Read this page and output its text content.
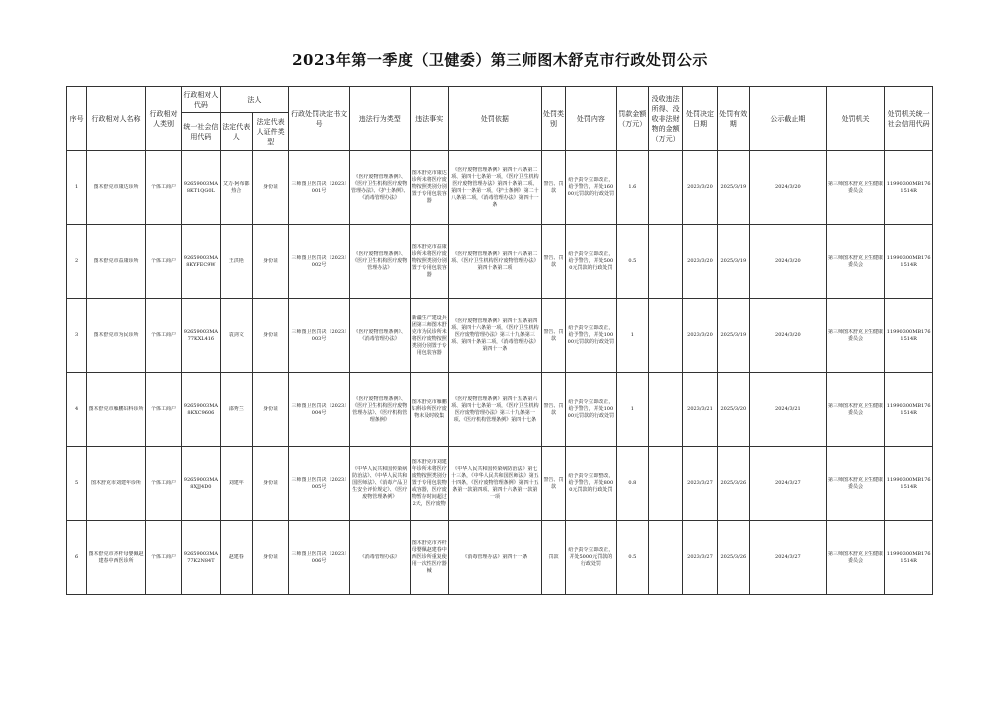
2023年第一季度（卫健委）第三师图木舒克市行政处罚公示
序号	行政相对人名称	行政相对人类别	行政相对人代码	法人		行政处罚决定书文号	违法行为类型	违法事实	处罚依据	处罚类别	处罚内容	罚款金额（万元）	没收违法所得、没收非法财物的金额（万元）	处罚决定日期	处罚有效期	公示截止期	处罚机关	处罚机关统一社会信用代码
			统一社会信用代码	法定代表人	法定代表人证件类型													

1	图木舒克市康达诊所	个体工商户	92659003MA8KT1QG0L	艾力·阿布都热合	身份证	三师图卫医罚决〔2023〕001号	《医疗废物管理条例》、《医疗卫生机构医疗废物管理办法》、《护士条例》、《消毒管理办法》	图木舒克市康达诊所未将医疗废物按照类别分别置于专用包装容器	《医疗废物管理条例》第四十六条第二项、第四十七条第一项，《医疗卫生机构医疗废物管理办法》第四十条第二项、第四十一条第一项，《护士条例》第二十八条第二项，《消毒管理办法》第四十一条	警告、罚款	给予责令立即改正，给予警告，并处16000元罚款的行政处罚	1.6		2023/3/20	2025/3/19	2024/3/20	第三师图木舒克卫生健康委员会	11990300MB1761514R

2	图木舒克市益康诊所	个体工商户	92659003MA8KYFEC9W	王洪艳	身份证	三师图卫医罚决〔2023〕002号	《医疗废物管理条例》、《医疗卫生机构医疗废物管理办法》	图木舒克市益康诊所未将医疗废物按照类别分别置于专用包装容器	《医疗废物管理条例》第四十六条第二项、《医疗卫生机构医疗废物管理办法》第四十条第二项	警告、罚款	给予责令立即改正，给予警告，并处5000元罚款的行政处罚	0.5		2023/3/20	2025/3/19	2024/3/20	第三师图木舒克卫生健康委员会	11990300MB1761514R

3	图木舒克市为民诊所	个体工商户	92659003MA77KXL416	袁剑文	身份证	三师图卫医罚决〔2023〕003号	《医疗废物管理条例》、《消毒管理办法》	新疆生产建设兵团第三师图木舒克市为民诊所未将医疗废物按照类别分别置于专用包装容器	《医疗废物管理条例》第四十五条第四项、第四十六条第一项，《医疗卫生机构医疗废物管理办法》第三十九条第三项、第四十条第二项，《消毒管理办法》第四十一条	警告、罚款	给予责令立即改正，给予警告，并处10000元罚款的行政处罚	1		2023/3/20	2025/3/19	2024/3/20	第三师图木舒克卫生健康委员会	11990300MB1761514R

4	图木舒克市雁鹏妇科诊所	个体工商户	92659003MA8KXC9606	邵秀兰	身份证	三师图卫医罚决〔2023〕004号	《医疗废物管理条例》、《医疗卫生机构医疗废物管理办法》、《医疗机构管理条例》	图木舒克市雁鹏妇科诊所医疗废物未及时收集	《医疗废物管理条例》第四十五条第六项、第四十七条第一项，《医疗卫生机构医疗废物管理办法》第三十九条第一项、《医疗机构管理条例》第四十七条	警告、罚款	给予责令立即改正，给予警告，并处10000元罚款的行政处罚	1		2023/3/21	2025/3/20	2024/3/21	第三师图木舒克卫生健康委员会	11990300MB1761514R

5	图木舒克市刘建年诊所	个体工商户	92659003MA8XJJ4D0	刘建年	身份证	三师图卫医罚决〔2023〕005号	《中华人民共和国传染病防治法》、《中华人民共和国医师法》、《消毒产品卫生安全评价规定》、《医疗废物管理条例》	图木舒克市刘建年诊所未将医疗废物按照类别分置于专用包装物或容器，医疗废物暂存时间超过2天，医疗废物	《中华人民共和国传染病防治法》第七十三条，《中华人民共和国医师法》第五十四条，《医疗废物管理条例》第四十五条第一款第四项、第四十六条第一款第一项	警告、罚款	给予责令立即整改，给予警告，并处8000元罚款的行政处罚	0.8		2023/3/27	2025/3/26	2024/3/27	第三师图木舒克卫生健康委员会	11990300MB1761514R

6	图木舒克市齐杆母婴佩赵建春中西医诊所	个体工商户	92659003MA77K2N84T	赵建春	身份证	三师图卫医罚决〔2023〕006号	《消毒管理办法》	图木舒克市齐杆母婴佩赵建春中西医诊所重复使用一次性医疗器械	《消毒管理办法》第四十一条	罚款	给予责令立即改正，并处5000元罚款的行政处罚	0.5		2023/3/27	2025/3/26	2024/3/27	第三师图木舒克卫生健康委员会	11990300MB1761514R
